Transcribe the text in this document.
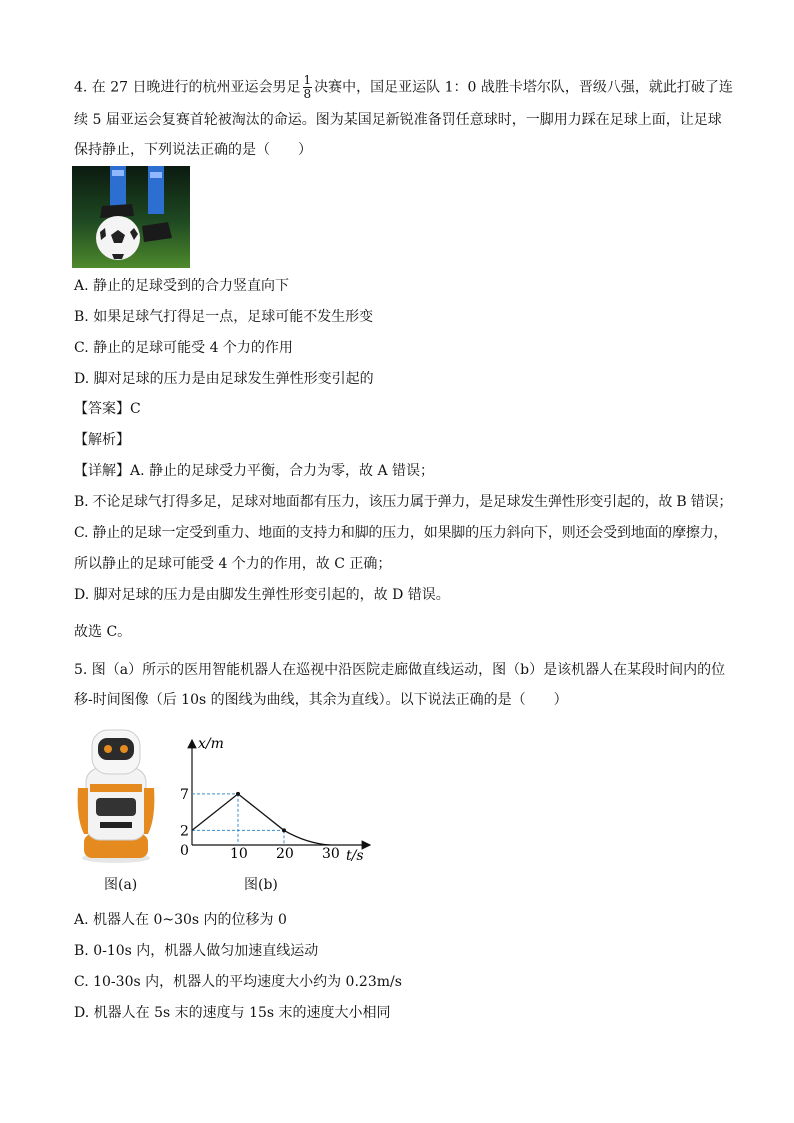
4. 在 27 日晚进行的杭州亚运会男足 $\frac{1}{8}$ 决赛中，国足亚运队 1：0 战胜卡塔尔队，晋级八强，就此打破了连
续 5 届亚运会复赛首轮被淘汰的命运。图为某国足新锐准备罚任意球时，一脚用力踩在足球上面，让足球
保持静止，下列说法正确的是（　　）
A. 静止的足球受到的合力竖直向下
B. 如果足球气打得足一点，足球可能不发生形变
C. 静止的足球可能受 4 个力的作用
D. 脚对足球的压力是由足球发生弹性形变引起的
【答案】C
【解析】
【详解】A. 静止的足球受力平衡，合力为零，故 A 错误；
B. 不论足球气打得多足，足球对地面都有压力，该压力属于弹力，是足球发生弹性形变引起的，故 B 错误；
C. 静止的足球一定受到重力、地面的支持力和脚的压力，如果脚的压力斜向下，则还会受到地面的摩擦力，
所以静止的足球可能受 4 个力的作用，故 C 正确；
D. 脚对足球的压力是由脚发生弹性形变引起的，故 D 错误。
故选 C。
5. 图（a）所示的医用智能机器人在巡视中沿医院走廊做直线运动，图（b）是该机器人在某段时间内的位
移-时间图像（后 10s 的图线为曲线，其余为直线）。以下说法正确的是（　　）
x/m
t/s
0	10 20 30
2
7
图(a)	图(b)
A. 机器人在 0~30s 内的位移为 0
B. 0-10s 内，机器人做匀加速直线运动
C. 10-30s 内，机器人的平均速度大小约为 0.23m/s
D. 机器人在 5s 末的速度与 15s 末的速度大小相同
